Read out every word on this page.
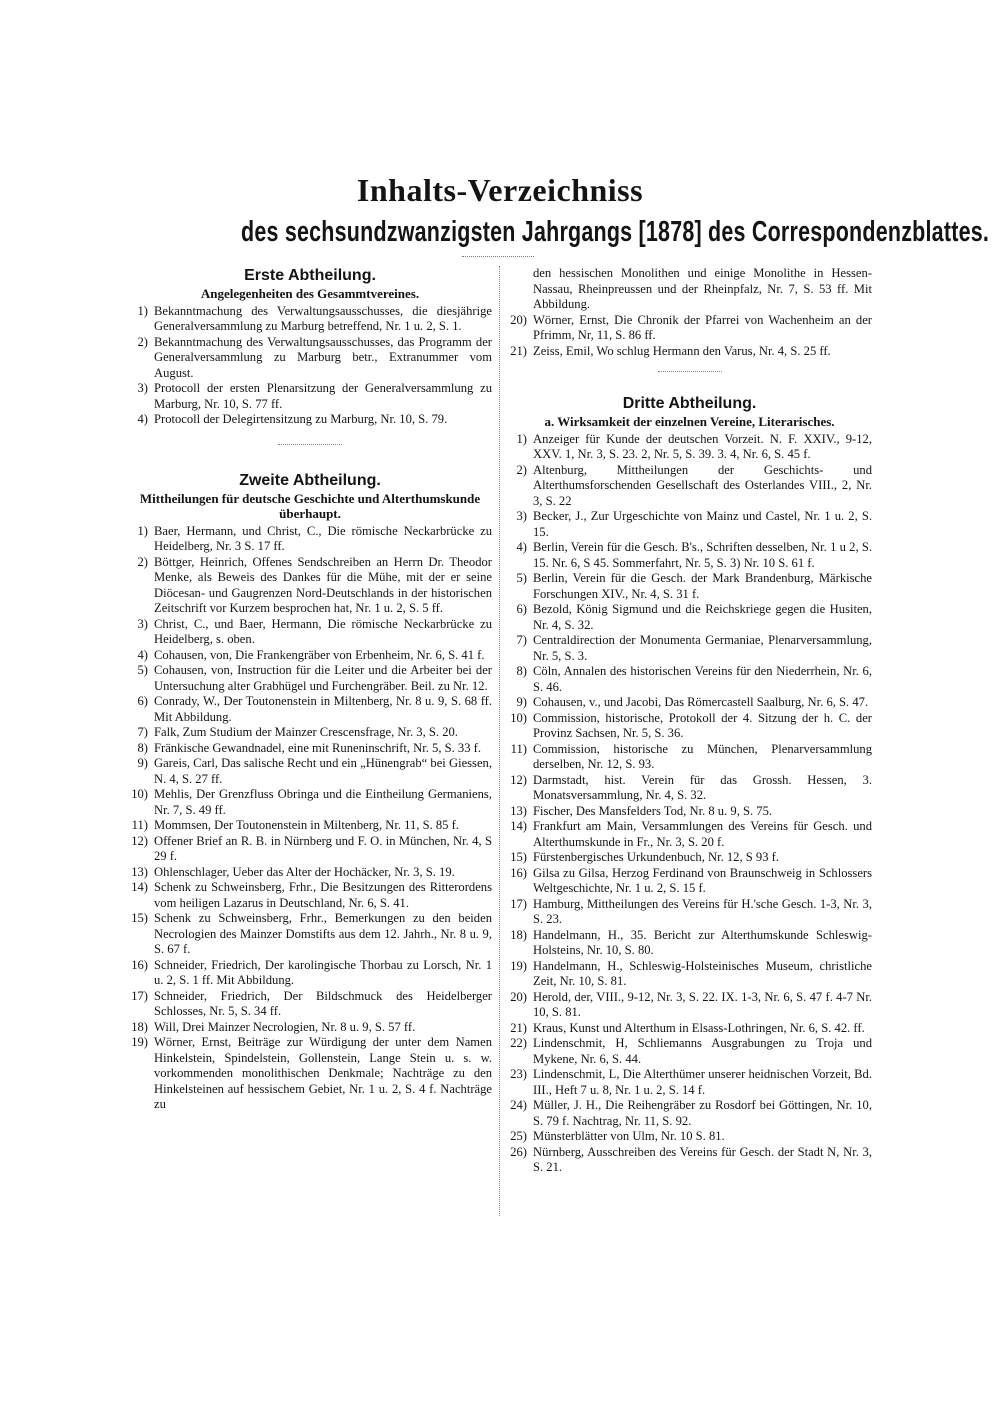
Inhalts-Verzeichniss
des sechsundzwanzigsten Jahrgangs [1878] des Correspondenzblattes.
Erste Abtheilung.
Angelegenheiten des Gesammtvereines.
1) Bekanntmachung des Verwaltungsausschusses, die diesjährige Generalversammlung zu Marburg betreffend, Nr. 1 u. 2, S. 1.
2) Bekanntmachung des Verwaltungsausschusses, das Programm der Generalversammlung zu Marburg betr., Extranummer vom August.
3) Protocoll der ersten Plenarsitzung der Generalversammlung zu Marburg, Nr. 10, S. 77 ff.
4) Protocoll der Delegirtensitzung zu Marburg, Nr. 10, S. 79.
Zweite Abtheilung.
Mittheilungen für deutsche Geschichte und Alterthumskunde überhaupt.
1) Baer, Hermann, und Christ, C., Die römische Neckarbrücke zu Heidelberg, Nr. 3 S. 17 ff.
2) Böttger, Heinrich, Offenes Sendschreiben an Herrn Dr. Theodor Menke, als Beweis des Dankes für die Mühe, mit der er seine Diöcesan- und Gaugrenzen Nord-Deutschlands in der historischen Zeitschrift vor Kurzem besprochen hat, Nr. 1 u. 2, S. 5 ff.
3) Christ, C., und Baer, Hermann, Die römische Neckarbrücke zu Heidelberg, s. oben.
4) Cohausen, von, Die Frankengräber von Erbenheim, Nr. 6, S. 41 f.
5) Cohausen, von, Instruction für die Leiter und die Arbeiter bei der Untersuchung alter Grabhügel und Furchengräber. Beil. zu Nr. 12.
6) Conrady, W., Der Toutonenstein in Miltenberg, Nr. 8 u. 9, S. 68 ff. Mit Abbildung.
7) Falk, Zum Studium der Mainzer Crescensfrage, Nr. 3, S. 20.
8) Fränkische Gewandnadel, eine mit Runeninschrift, Nr. 5, S. 33 f.
9) Gareis, Carl, Das salische Recht und ein „Hünengrab“ bei Giessen, N. 4, S. 27 ff.
10) Mehlis, Der Grenzfluss Obringa und die Eintheilung Germaniens, Nr. 7, S. 49 ff.
11) Mommsen, Der Toutonenstein in Miltenberg, Nr. 11, S. 85 f.
12) Offener Brief an R. B. in Nürnberg und F. O. in München, Nr. 4, S 29 f.
13) Ohlenschlager, Ueber das Alter der Hochäcker, Nr. 3, S. 19.
14) Schenk zu Schweinsberg, Frhr., Die Besitzungen des Ritterordens vom heiligen Lazarus in Deutschland, Nr. 6, S. 41.
15) Schenk zu Schweinsberg, Frhr., Bemerkungen zu den beiden Necrologien des Mainzer Domstifts aus dem 12. Jahrh., Nr. 8 u. 9, S. 67 f.
16) Schneider, Friedrich, Der karolingische Thorbau zu Lorsch, Nr. 1 u. 2, S. 1 ff. Mit Abbildung.
17) Schneider, Friedrich, Der Bildschmuck des Heidelberger Schlosses, Nr. 5, S. 34 ff.
18) Will, Drei Mainzer Necrologien, Nr. 8 u. 9, S. 57 ff.
19) Wörner, Ernst, Beiträge zur Würdigung der unter dem Namen Hinkelstein, Spindelstein, Gollenstein, Lange Stein u. s. w. vorkommenden monolithischen Denkmale; Nachträge zu den Hinkelsteinen auf hessischem Gebiet, Nr. 1 u. 2, S. 4 f. Nachträge zu
den hessischen Monolithen und einige Monolithe in Hessen-Nassau, Rheinpreussen und der Rheinpfalz, Nr. 7, S. 53 ff. Mit Abbildung.
20) Wörner, Ernst, Die Chronik der Pfarrei von Wachenheim an der Pfrimm, Nr, 11, S. 86 ff.
21) Zeiss, Emil, Wo schlug Hermann den Varus, Nr. 4, S. 25 ff.
Dritte Abtheilung.
a. Wirksamkeit der einzelnen Vereine, Literarisches.
1) Anzeiger für Kunde der deutschen Vorzeit. N. F. XXIV., 9-12, XXV. 1, Nr. 3, S. 23. 2, Nr. 5, S. 39. 3. 4, Nr. 6, S. 45 f.
2) Altenburg, Mittheilungen der Geschichts- und Alterthumsforschenden Gesellschaft des Osterlandes VIII., 2, Nr. 3, S. 22
3) Becker, J., Zur Urgeschichte von Mainz und Castel, Nr. 1 u. 2, S. 15.
4) Berlin, Verein für die Gesch. B's., Schriften desselben, Nr. 1 u 2, S. 15. Nr. 6, S 45. Sommerfahrt, Nr. 5, S. 3) Nr. 10 S. 61 f.
5) Berlin, Verein für die Gesch. der Mark Brandenburg, Märkische Forschungen XIV., Nr. 4, S. 31 f.
6) Bezold, König Sigmund und die Reichskriege gegen die Husiten, Nr. 4, S. 32.
7) Centraldirection der Monumenta Germaniae, Plenarversammlung, Nr. 5, S. 3.
8) Cöln, Annalen des historischen Vereins für den Niederrhein, Nr. 6, S. 46.
9) Cohausen, v., und Jacobi, Das Römercastell Saalburg, Nr. 6, S. 47.
10) Commission, historische, Protokoll der 4. Sitzung der h. C. der Provinz Sachsen, Nr. 5, S. 36.
11) Commission, historische zu München, Plenarversammlung derselben, Nr. 12, S. 93.
12) Darmstadt, hist. Verein für das Grossh. Hessen, 3. Monatsversammlung, Nr. 4, S. 32.
13) Fischer, Des Mansfelders Tod, Nr. 8 u. 9, S. 75.
14) Frankfurt am Main, Versammlungen des Vereins für Gesch. und Alterthumskunde in Fr., Nr. 3, S. 20 f.
15) Fürstenbergisches Urkundenbuch, Nr. 12, S 93 f.
16) Gilsa zu Gilsa, Herzog Ferdinand von Braunschweig in Schlossers Weltgeschichte, Nr. 1 u. 2, S. 15 f.
17) Hamburg, Mittheilungen des Vereins für H.'sche Gesch. 1-3, Nr. 3, S. 23.
18) Handelmann, H., 35. Bericht zur Alterthumskunde Schleswig-Holsteins, Nr. 10, S. 80.
19) Handelmann, H., Schleswig-Holsteinisches Museum, christliche Zeit, Nr. 10, S. 81.
20) Herold, der, VIII., 9-12, Nr. 3, S. 22. IX. 1-3, Nr. 6, S. 47 f. 4-7 Nr. 10, S. 81.
21) Kraus, Kunst und Alterthum in Elsass-Lothringen, Nr. 6, S. 42. ff.
22) Lindenschmit, H, Schliemanns Ausgrabungen zu Troja und Mykene, Nr. 6, S. 44.
23) Lindenschmit, L, Die Alterthümer unserer heidnischen Vorzeit, Bd. III., Heft 7 u. 8, Nr. 1 u. 2, S. 14 f.
24) Müller, J. H., Die Reihengräber zu Rosdorf bei Göttingen, Nr. 10, S. 79 f. Nachtrag, Nr. 11, S. 92.
25) Münsterblätter von Ulm, Nr. 10 S. 81.
26) Nürnberg, Ausschreiben des Vereins für Gesch. der Stadt N, Nr. 3, S. 21.
